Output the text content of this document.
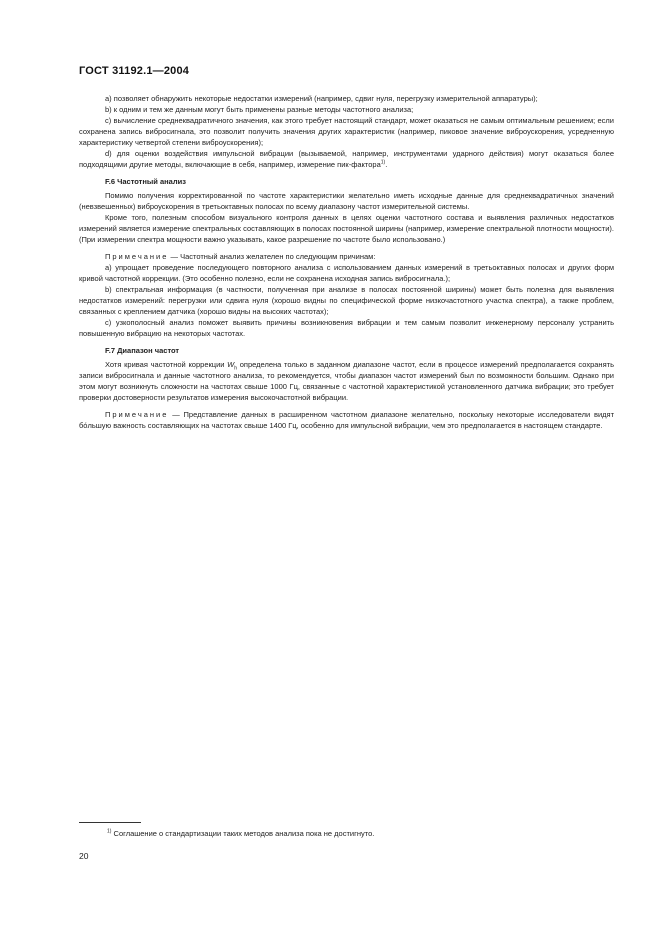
ГОСТ 31192.1—2004

а) позволяет обнаружить некоторые недостатки измерений (например, сдвиг нуля, перегрузку измерительной аппаратуры);

b) к одним и тем же данным могут быть применены разные методы частотного анализа;

с) вычисление среднеквадратичного значения, как этого требует настоящий стандарт, может оказаться не самым оптимальным решением; если сохранена запись вибросигнала, это позволит получить значения других характеристик (например, пиковое значение виброускорения, усредненную характеристику четвертой степени виброускорения);

d) для оценки воздействия импульсной вибрации (вызываемой, например, инструментами ударного действия) могут оказаться более подходящими другие методы, включающие в себя, например, измерение пик-фактора$^{1)}$.

F.6 Частотный анализ

Помимо получения корректированной по частоте характеристики желательно иметь исходные данные для среднеквадратичных значений (невзвешенных) виброускорения в третьоктавных полосах по всему диапазону частот измерительной системы.

Кроме того, полезным способом визуального контроля данных в целях оценки частотного состава и выявления различных недостатков измерений является измерение спектральных составляющих в полосах постоянной ширины (например, измерение спектральной плотности мощности). (При измерении спектра мощности важно указывать, какое разрешение по частоте было использовано.)

Примечание — Частотный анализ желателен по следующим причинам:

а) упрощает проведение последующего повторного анализа с использованием данных измерений в третьоктавных полосах и других форм кривой частотной коррекции. (Это особенно полезно, если не сохранена исходная запись вибросигнала.);

b) спектральная информация (в частности, полученная при анализе в полосах постоянной ширины) может быть полезна для выявления недостатков измерений: перегрузки или сдвига нуля (хорошо видны по специфической форме низкочастотного участка спектра), а также проблем, связанных с креплением датчика (хорошо видны на высоких частотах);

с) узкополосный анализ поможет выявить причины возникновения вибрации и тем самым позволит инженерному персоналу устранить повышенную вибрацию на некоторых частотах.

F.7 Диапазон частот

Хотя кривая частотной коррекции $W_h$ определена только в заданном диапазоне частот, если в процессе измерений предполагается сохранять записи вибросигнала и данные частотного анализа, то рекомендуется, чтобы диапазон частот измерений был по возможности большим. Однако при этом могут возникнуть сложности на частотах свыше 1000 Гц, связанные с частотной характеристикой установленного датчика вибрации; это требует проверки достоверности результатов измерения высокочастотной вибрации.

Примечание — Представление данных в расширенном частотном диапазоне желательно, поскольку некоторые исследователи видят бóльшую важность составляющих на частотах свыше 1400 Гц, особенно для импульсной вибрации, чем это предполагается в настоящем стандарте.

$^{1)}$ Соглашение о стандартизации таких методов анализа пока не достигнуто.
20
